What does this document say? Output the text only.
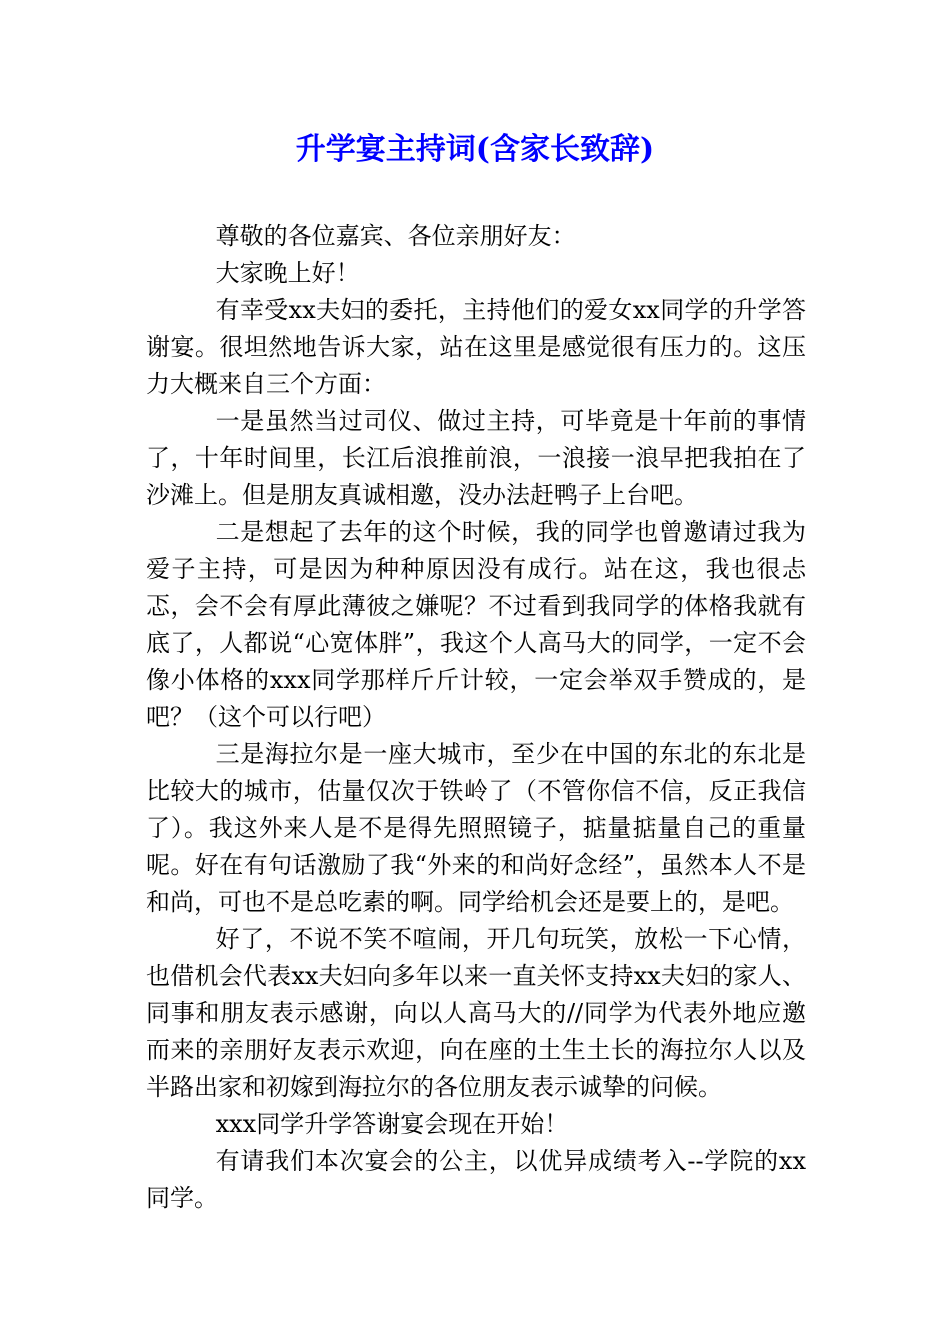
升学宴主持词(含家长致辞)

尊敬的各位嘉宾、各位亲朋好友：

大家晚上好！

有幸受xx夫妇的委托，主持他们的爱女xx同学的升学答谢宴。很坦然地告诉大家，站在这里是感觉很有压力的。这压力大概来自三个方面：

一是虽然当过司仪、做过主持，可毕竟是十年前的事情了，十年时间里，长江后浪推前浪，一浪接一浪早把我拍在了沙滩上。但是朋友真诚相邀，没办法赶鸭子上台吧。

二是想起了去年的这个时候，我的同学也曾邀请过我为爱子主持，可是因为种种原因没有成行。站在这，我也很忐忑，会不会有厚此薄彼之嫌呢？不过看到我同学的体格我就有底了，人都说“心宽体胖”，我这个人高马大的同学，一定不会像小体格的xxx同学那样斤斤计较，一定会举双手赞成的，是吧？（这个可以行吧）

三是海拉尔是一座大城市，至少在中国的东北的东北是比较大的城市，估量仅次于铁岭了（不管你信不信，反正我信了）。我这外来人是不是得先照照镜子，掂量掂量自己的重量呢。好在有句话激励了我“外来的和尚好念经”，虽然本人不是和尚，可也不是总吃素的啊。同学给机会还是要上的，是吧。

好了，不说不笑不喧闹，开几句玩笑，放松一下心情，也借机会代表xx夫妇向多年以来一直关怀支持xx夫妇的家人、同事和朋友表示感谢，向以人高马大的//同学为代表外地应邀而来的亲朋好友表示欢迎，向在座的土生土长的海拉尔人以及半路出家和初嫁到海拉尔的各位朋友表示诚挚的问候。

xxx同学升学答谢宴会现在开始！

有请我们本次宴会的公主，以优异成绩考入--学院的xx同学。
